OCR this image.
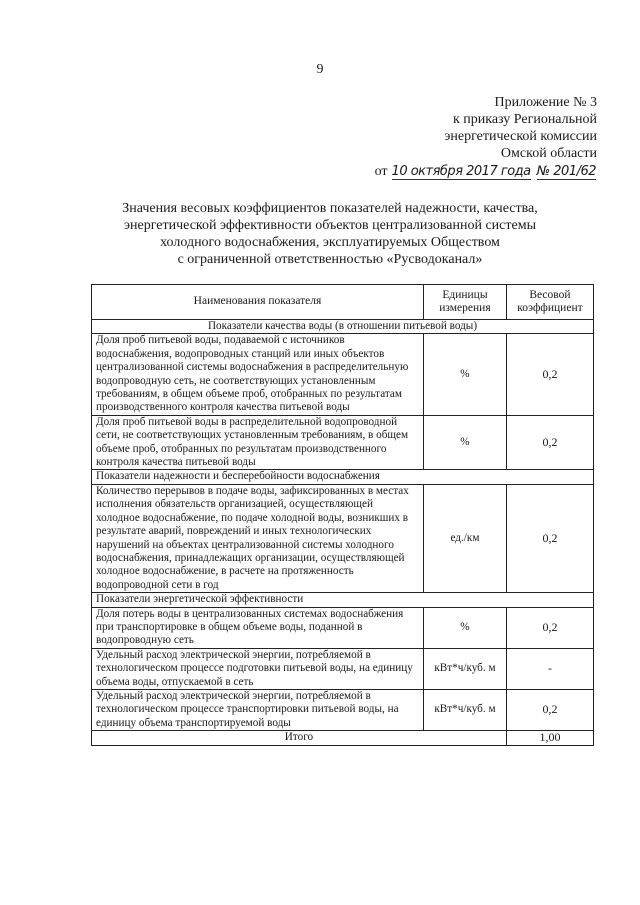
9
Приложение № 3
к приказу Региональной
энергетической комиссии
Омской области
от 10 октября 2017 года № 201/62
Значения весовых коэффициентов показателей надежности, качества,
энергетической эффективности объектов централизованной системы
холодного водоснабжения, эксплуатируемых Обществом
с ограниченной ответственностью «Русводоканал»
Наименования показателя	Единицы измерения	Весовой коэффициент
Показатели качества воды (в отношении питьевой воды)		
Доля проб питьевой воды, подаваемой с источников водоснабжения, водопроводных станций или иных объектов централизованной системы водоснабжения в распределительную водопроводную сеть, не соответствующих установленным требованиям, в общем объеме проб, отобранных по результатам производственного контроля качества питьевой воды	%	0,2
Доля проб питьевой воды в распределительной водопроводной сети, не соответствующих установленным требованиям, в общем объеме проб, отобранных по результатам производственного контроля качества питьевой воды	%	0,2
Показатели надежности и бесперебойности водоснабжения		
Количество перерывов в подаче воды, зафиксированных в местах исполнения обязательств организацией, осуществляющей холодное водоснабжение, по подаче холодной воды, возникших в результате аварий, повреждений и иных технологических нарушений на объектах централизованной системы холодного водоснабжения, принадлежащих организации, осуществляющей холодное водоснабжение, в расчете на протяженность водопроводной сети в год	ед./км	0,2
Показатели энергетической эффективности		
Доля потерь воды в централизованных системах водоснабжения при транспортировке в общем объеме воды, поданной в водопроводную сеть	%	0,2
Удельный расход электрической энергии, потребляемой в технологическом процессе подготовки питьевой воды, на единицу объема воды, отпускаемой в сеть	кВт*ч/куб. м	-
Удельный расход электрической энергии, потребляемой в технологическом процессе транспортировки питьевой воды, на единицу объема транспортируемой воды	кВт*ч/куб. м	0,2
Итого		1,00
